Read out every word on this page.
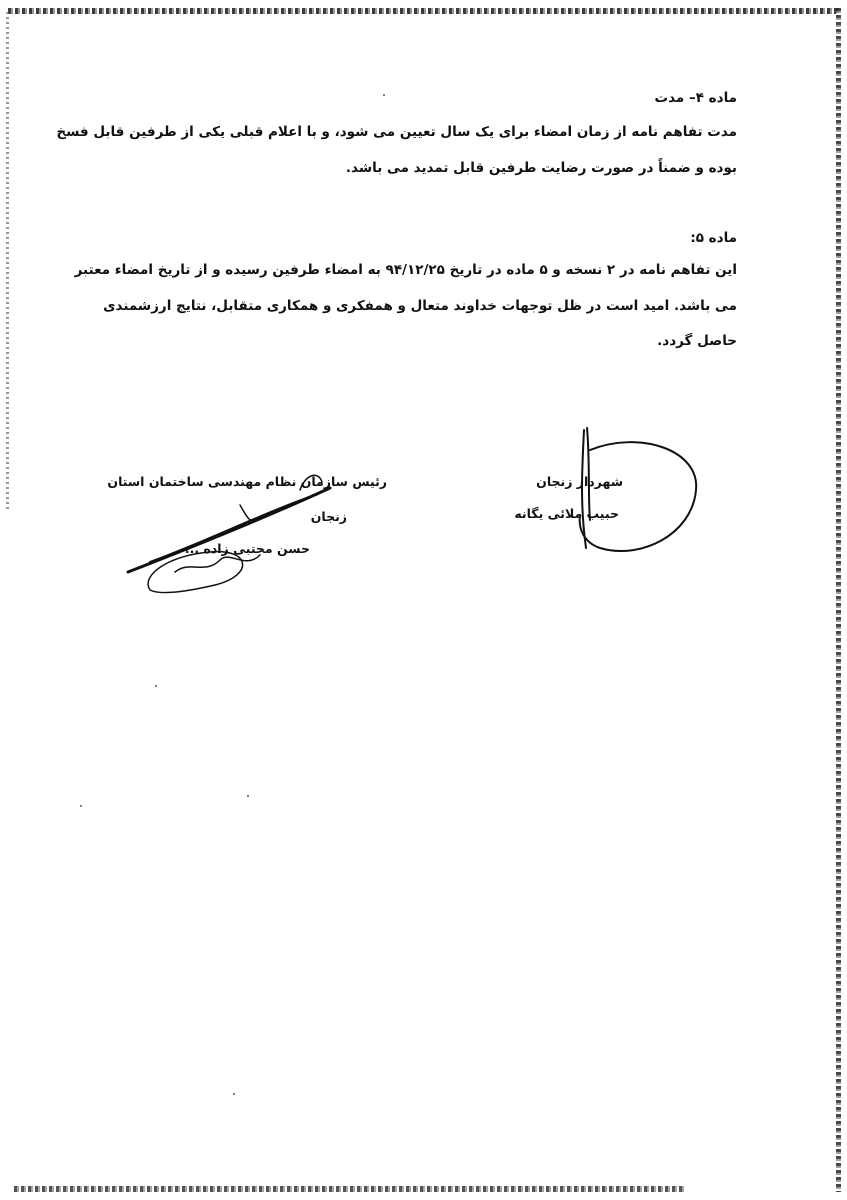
ماده ۴– مدت
مدت تفاهم نامه از زمان امضاء برای یک سال تعیین می شود، و با اعلام قبلی یکی از طرفین قابل فسخ
بوده و ضمناً در صورت رضایت طرفین قابل تمدید می باشد.
ماده ۵:
این تفاهم نامه در ۲ نسخه و ۵ ماده در تاریخ ۹۴/۱۲/۲۵ به امضاء طرفین رسیده و از تاریخ امضاء معتبر
می باشد. امید است در ظل توجهات خداوند متعال و همفکری و همکاری متقابل، نتایج ارزشمندی
حاصل گردد.
شهردار زنجان
حبیب ملائی یگانه
رئیس سازمان نظام مهندسی ساختمان استان
زنجان
حسن مجتبی زاده ...
